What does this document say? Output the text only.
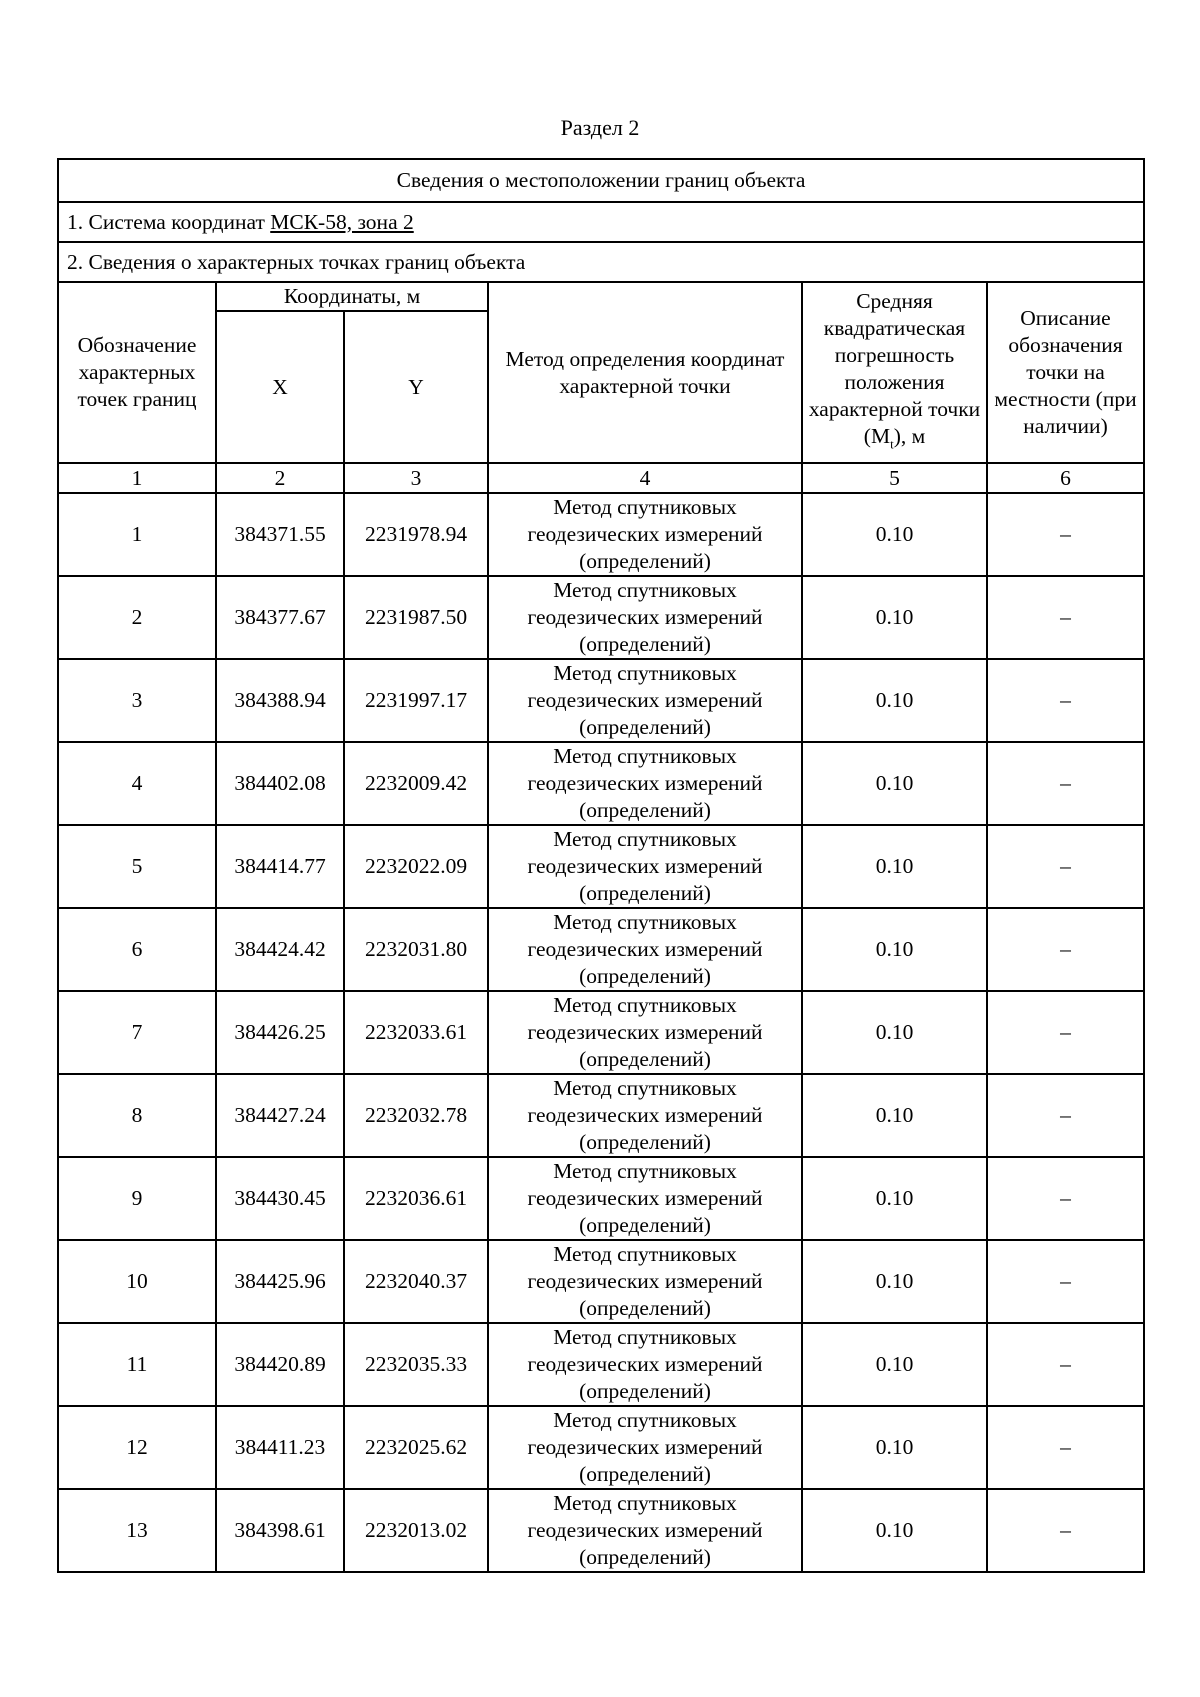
Раздел 2
Сведения о местоположении границ объекта					
1. Система координат МСК-58, зона 2					
2. Сведения о характерных точках границ объекта					
Обозначение характерных точек границ	Координаты, м		Метод определения координат характерной точки	Средняя квадратическая погрешность положения характерной точки $(M_t)$, м	Описание обозначения точки на местности (при наличии)
	X	Y			
1	2	3	4	5	6
1	384371.55	2231978.94	Метод спутниковых геодезических измерений (определений)	0.10	–
2	384377.67	2231987.50	Метод спутниковых геодезических измерений (определений)	0.10	–
3	384388.94	2231997.17	Метод спутниковых геодезических измерений (определений)	0.10	–
4	384402.08	2232009.42	Метод спутниковых геодезических измерений (определений)	0.10	–
5	384414.77	2232022.09	Метод спутниковых геодезических измерений (определений)	0.10	–
6	384424.42	2232031.80	Метод спутниковых геодезических измерений (определений)	0.10	–
7	384426.25	2232033.61	Метод спутниковых геодезических измерений (определений)	0.10	–
8	384427.24	2232032.78	Метод спутниковых геодезических измерений (определений)	0.10	–
9	384430.45	2232036.61	Метод спутниковых геодезических измерений (определений)	0.10	–
10	384425.96	2232040.37	Метод спутниковых геодезических измерений (определений)	0.10	–
11	384420.89	2232035.33	Метод спутниковых геодезических измерений (определений)	0.10	–
12	384411.23	2232025.62	Метод спутниковых геодезических измерений (определений)	0.10	–
13	384398.61	2232013.02	Метод спутниковых геодезических измерений (определений)	0.10	–
